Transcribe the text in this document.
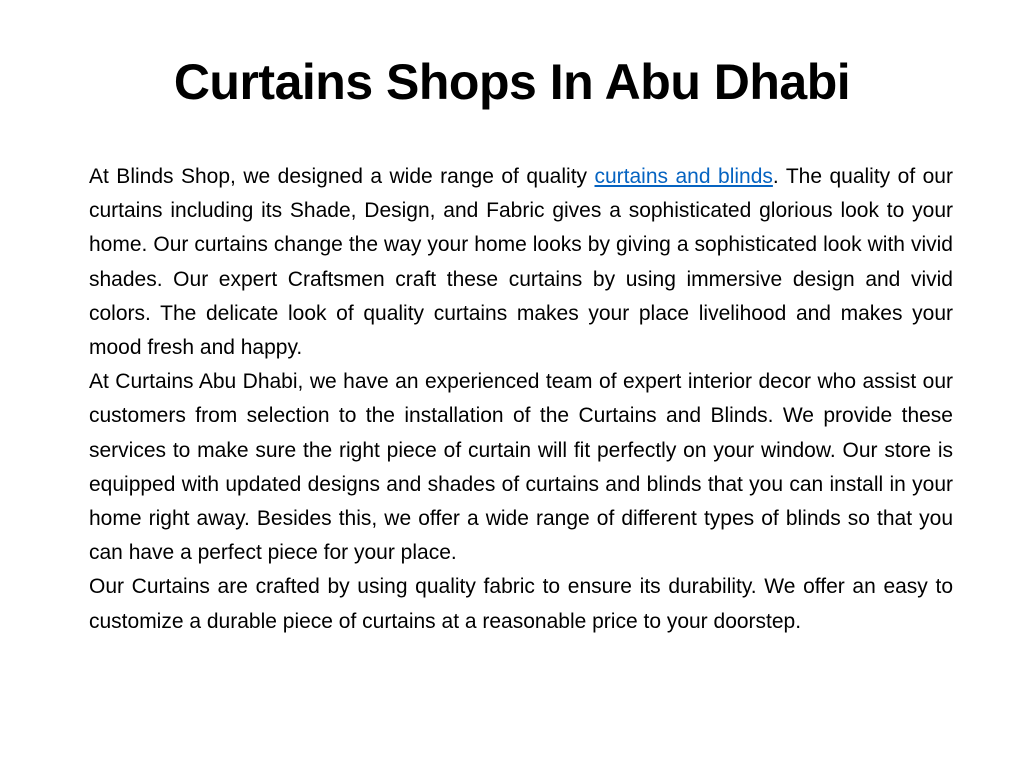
Curtains Shops In Abu Dhabi

At Blinds Shop, we designed a wide range of quality curtains and blinds. The quality of our curtains including its Shade, Design, and Fabric gives a sophisticated glorious look to your home. Our curtains change the way your home looks by giving a sophisticated look with vivid shades. Our expert Craftsmen craft these curtains by using immersive design and vivid colors. The delicate look of quality curtains makes your place livelihood and makes your mood fresh and happy.

At Curtains Abu Dhabi, we have an experienced team of expert interior decor who assist our customers from selection to the installation of the Curtains and Blinds. We provide these services to make sure the right piece of curtain will fit perfectly on your window. Our store is equipped with updated designs and shades of curtains and blinds that you can install in your home right away. Besides this, we offer a wide range of different types of blinds so that you can have a perfect piece for your place.

Our Curtains are crafted by using quality fabric to ensure its durability. We offer an easy to customize a durable piece of curtains at a reasonable price to your doorstep.
